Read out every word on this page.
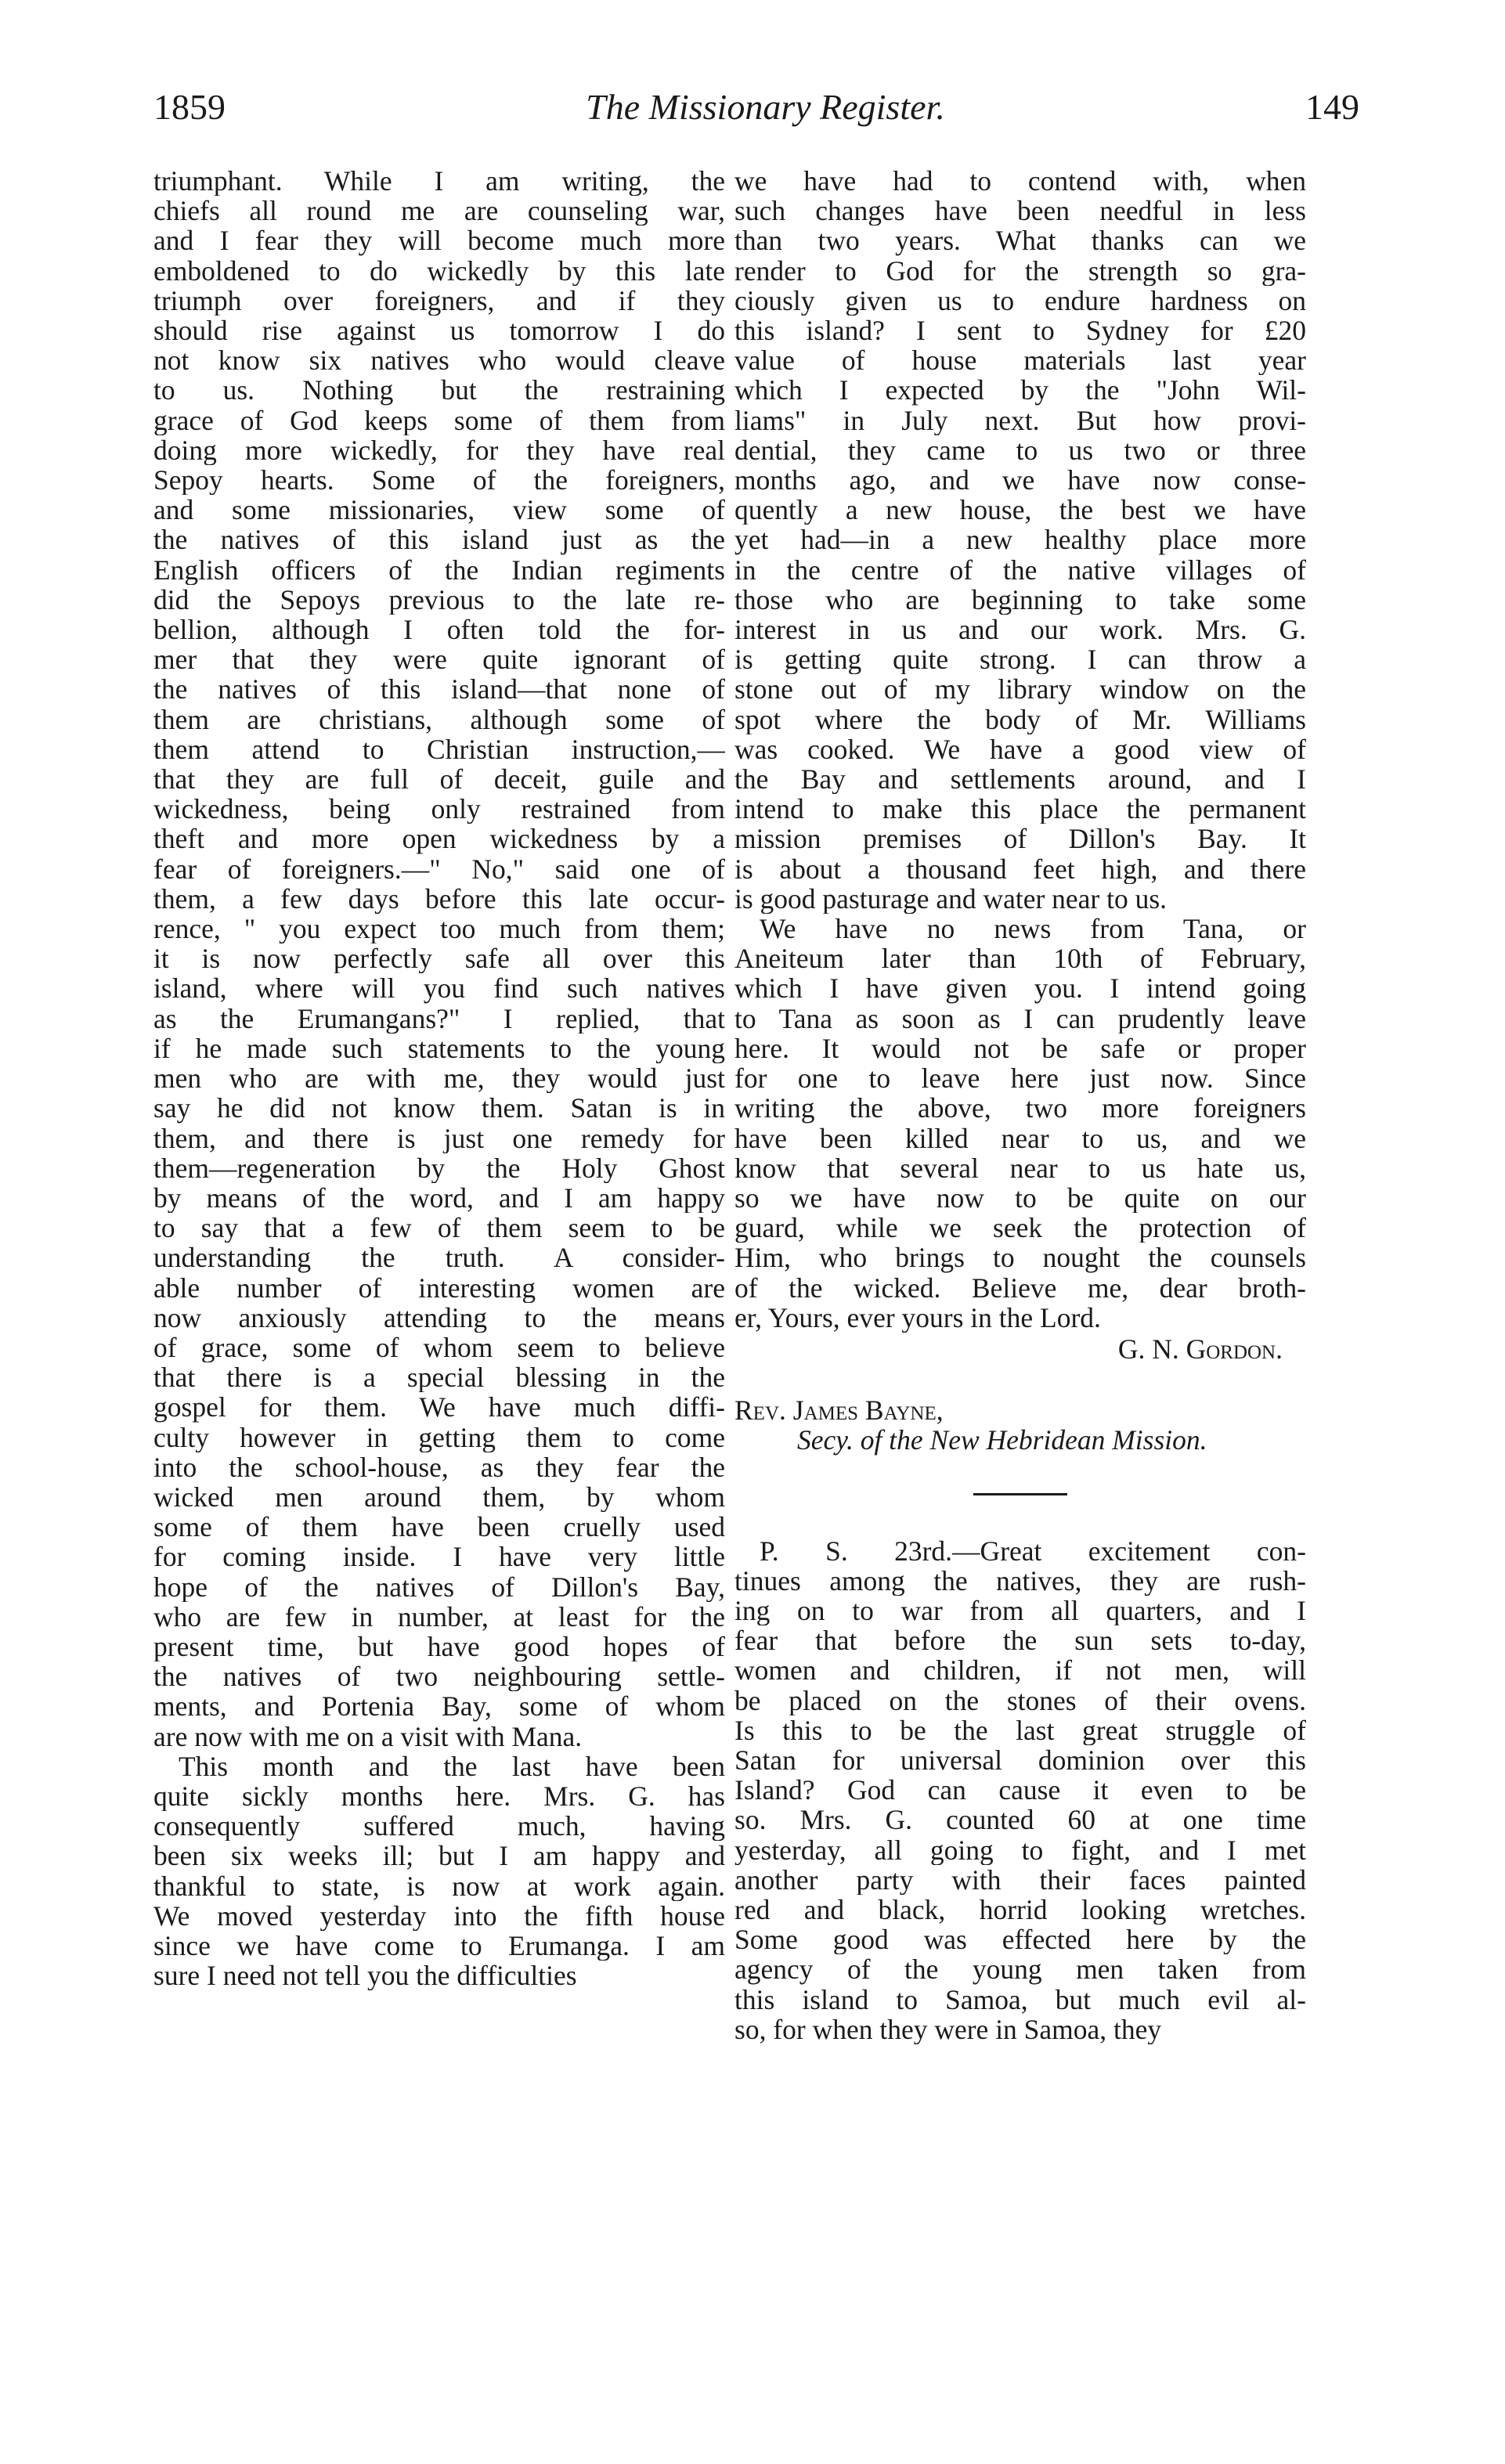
1859	The Missionary Register.	149
triumphant. While I am writing, the
chiefs all round me are counseling war,
and I fear they will become much more
emboldened to do wickedly by this late
triumph over foreigners, and if they
should rise against us tomorrow I do
not know six natives who would cleave
to us. Nothing but the restraining
grace of God keeps some of them from
doing more wickedly, for they have real
Sepoy hearts. Some of the foreigners,
and some missionaries, view some of
the natives of this island just as the
English officers of the Indian regiments
did the Sepoys previous to the late re-
bellion, although I often told the for-
mer that they were quite ignorant of
the natives of this island—that none of
them are christians, although some of
them attend to Christian instruction,—
that they are full of deceit, guile and
wickedness, being only restrained from
theft and more open wickedness by a
fear of foreigners.—" No," said one of
them, a few days before this late occur-
rence, " you expect too much from them;
it is now perfectly safe all over this
island, where will you find such natives
as the Erumangans?" I replied, that
if he made such statements to the young
men who are with me, they would just
say he did not know them. Satan is in
them, and there is just one remedy for
them—regeneration by the Holy Ghost
by means of the word, and I am happy
to say that a few of them seem to be
understanding the truth. A consider-
able number of interesting women are
now anxiously attending to the means
of grace, some of whom seem to believe
that there is a special blessing in the
gospel for them. We have much diffi-
culty however in getting them to come
into the school-house, as they fear the
wicked men around them, by whom
some of them have been cruelly used
for coming inside. I have very little
hope of the natives of Dillon's Bay,
who are few in number, at least for the
present time, but have good hopes of
the natives of two neighbouring settle-
ments, and Portenia Bay, some of whom
are now with me on a visit with Mana.
This month and the last have been
quite sickly months here. Mrs. G. has
consequently suffered much, having
been six weeks ill; but I am happy and
thankful to state, is now at work again.
We moved yesterday into the fifth house
since we have come to Erumanga. I am
sure I need not tell you the difficulties
we have had to contend with, when
such changes have been needful in less
than two years. What thanks can we
render to God for the strength so gra-
ciously given us to endure hardness on
this island? I sent to Sydney for £20
value of house materials last year
which I expected by the "John Wil-
liams" in July next. But how provi-
dential, they came to us two or three
months ago, and we have now conse-
quently a new house, the best we have
yet had—in a new healthy place more
in the centre of the native villages of
those who are beginning to take some
interest in us and our work. Mrs. G.
is getting quite strong. I can throw a
stone out of my library window on the
spot where the body of Mr. Williams
was cooked. We have a good view of
the Bay and settlements around, and I
intend to make this place the permanent
mission premises of Dillon's Bay. It
is about a thousand feet high, and there
is good pasturage and water near to us.
We have no news from Tana, or
Aneiteum later than 10th of February,
which I have given you. I intend going
to Tana as soon as I can prudently leave
here. It would not be safe or proper
for one to leave here just now. Since
writing the above, two more foreigners
have been killed near to us, and we
know that several near to us hate us,
so we have now to be quite on our
guard, while we seek the protection of
Him, who brings to nought the counsels
of the wicked. Believe me, dear broth-
er, Yours, ever yours in the Lord.
G. N. Gordon.
Rev. James Bayne,
Secy. of the New Hebridean Mission.
P. S. 23rd.—Great excitement con-
tinues among the natives, they are rush-
ing on to war from all quarters, and I
fear that before the sun sets to-day,
women and children, if not men, will
be placed on the stones of their ovens.
Is this to be the last great struggle of
Satan for universal dominion over this
Island? God can cause it even to be
so. Mrs. G. counted 60 at one time
yesterday, all going to fight, and I met
another party with their faces painted
red and black, horrid looking wretches.
Some good was effected here by the
agency of the young men taken from
this island to Samoa, but much evil al-
so, for when they were in Samoa, they
